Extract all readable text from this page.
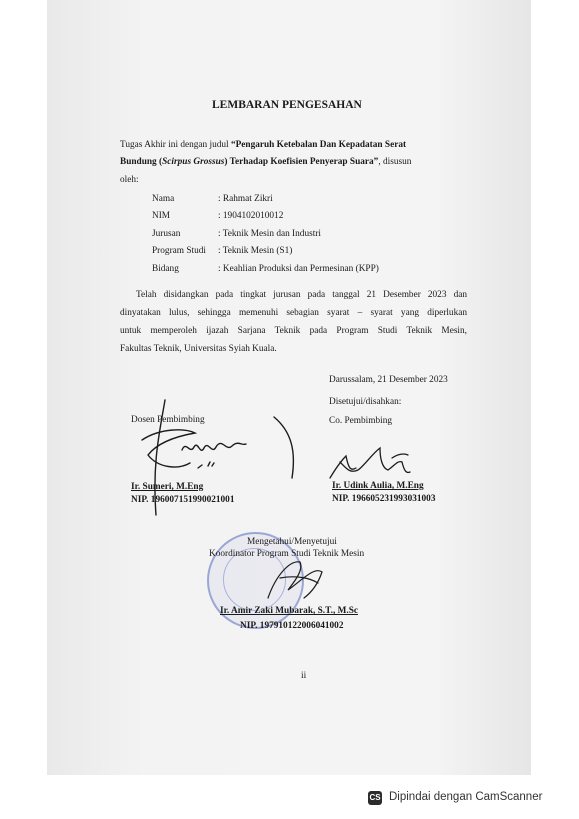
LEMBARAN PENGESAHAN
Tugas Akhir ini dengan judul “Pengaruh Ketebalan Dan Kepadatan Serat
Bundung (Scirpus Grossus) Terhadap Koefisien Penyerap Suara”, disusun
oleh:
Nama	: Rahmat Zikri
NIM	: 1904102010012
Jurusan	: Teknik Mesin dan Industri
Program Studi : Teknik Mesin (S1)
Bidang	: Keahlian Produksi dan Permesinan (KPP)
Telah disidangkan pada tingkat jurusan pada tanggal 21 Desember 2023 dan
dinyatakan lulus, sehingga memenuhi sebagian syarat – syarat yang diperlukan
untuk memperoleh ijazah Sarjana Teknik pada Program Studi Teknik Mesin,
Fakultas Teknik, Universitas Syiah Kuala.
Darussalam, 21 Desember 2023
Disetujui/disahkan:
Dosen Pembimbing	Co. Pembimbing
Ir. Sumeri, M.Eng
NIP. 196007151990021001
Ir. Udink Aulia, M.Eng
NIP. 196605231993031003
Mengetahui/Menyetujui
Koordinator Program Studi Teknik Mesin
Ir. Amir Zaki Mubarak, S.T., M.Sc
NIP. 197910122006041002
ii
CS Dipindai dengan CamScanner
